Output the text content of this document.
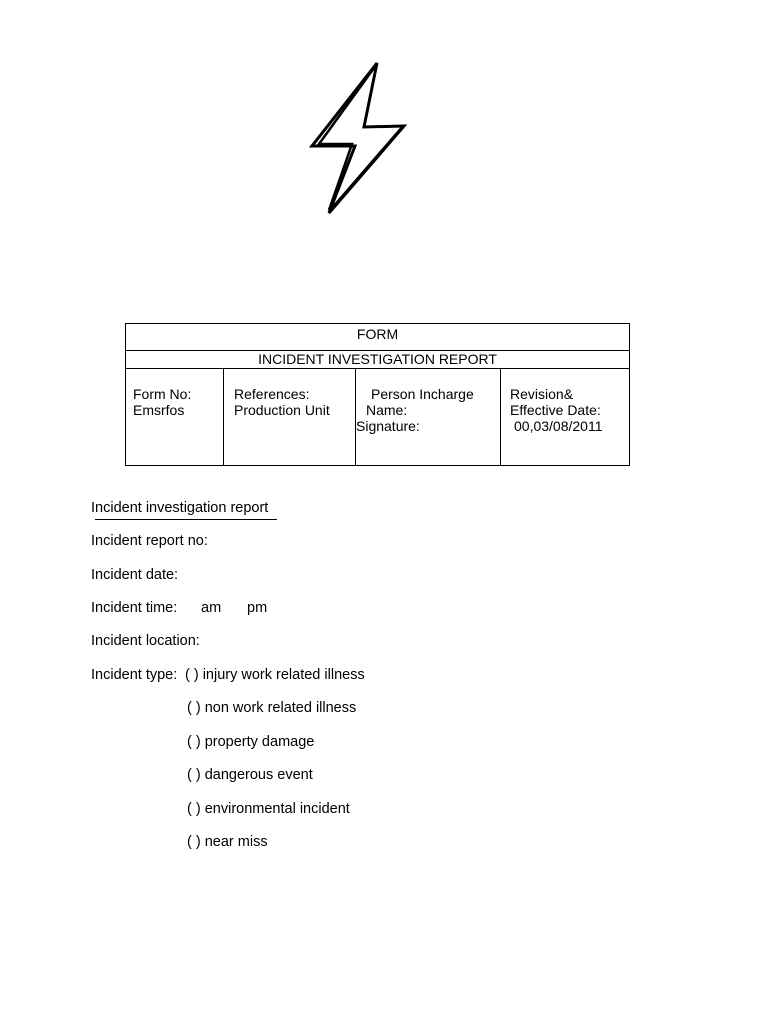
FORM
INCIDENT INVESTIGATION REPORT
Form No:
Emsrfos
References:
Production Unit
Person Incharge
Name:
Signature:
Revision&
Effective Date:
00,03/08/2011
Incident investigation report
Incident report no:
Incident date:
Incident time: am pm
Incident location:
Incident type: ( ) injury work related illness
( ) non work related illness
( ) property damage
( ) dangerous event
( ) environmental incident
( ) near miss
